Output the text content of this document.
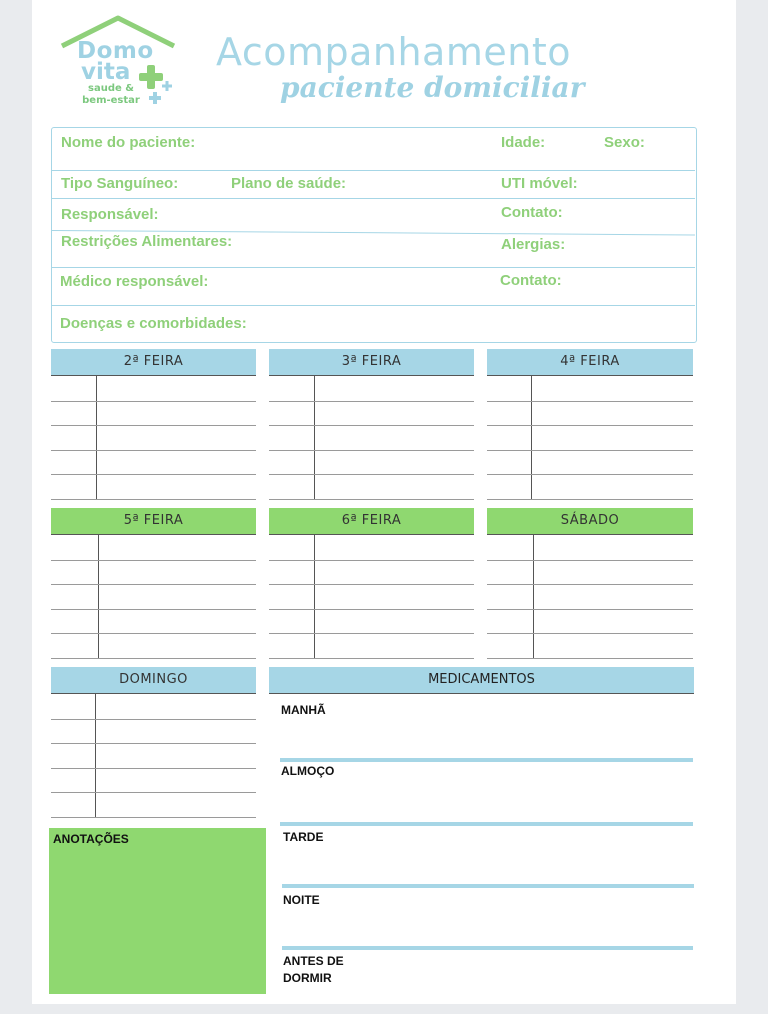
Domo
vita
saude & bem-estar
Acompanhamento
paciente domiciliar
Nome do paciente:	Idade:	Sexo:
Tipo Sanguíneo:	Plano de saúde:	UTI móvel:
Responsável:	Contato:
Restrições Alimentares:	Alergias:
Médico responsável:	Contato:
Doenças e comorbidades:
2ª FEIRA	3ª FEIRA	4ª FEIRA
5ª FEIRA	6ª FEIRA	SÁBADO
DOMINGO	MEDICAMENTOS
MANHÃ
ALMOÇO
TARDE
NOITE
ANTES DE
DORMIR
ANOTAÇÕES
